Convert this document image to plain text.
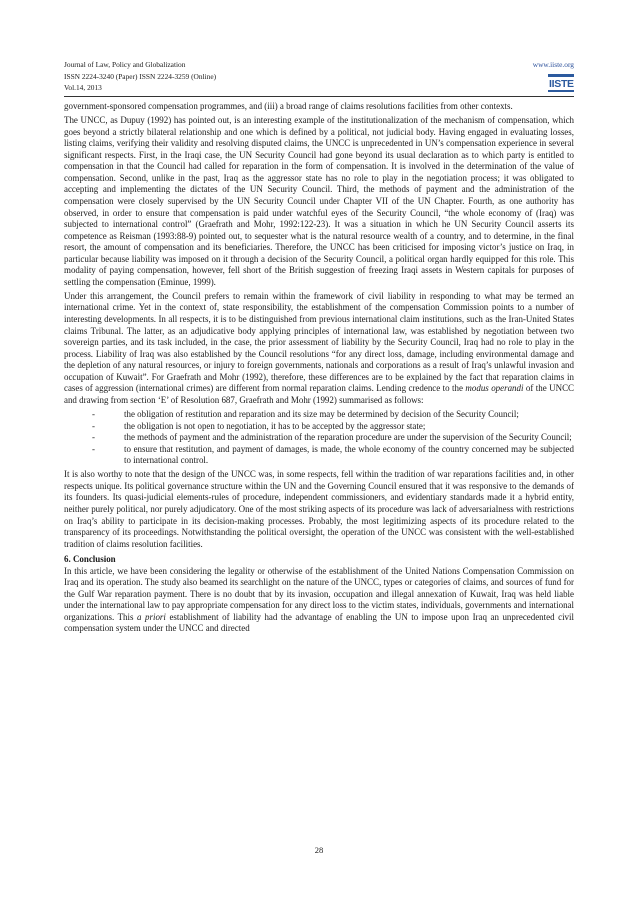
Journal of Law, Policy and Globalization
ISSN 2224-3240 (Paper) ISSN 2224-3259 (Online)
Vol.14, 2013
www.iiste.org
IISTE

government-sponsored compensation programmes, and (iii) a broad range of claims resolutions facilities from other contexts.

The UNCC, as Dupuy (1992) has pointed out, is an interesting example of the institutionalization of the mechanism of compensation, which goes beyond a strictly bilateral relationship and one which is defined by a political, not judicial body. Having engaged in evaluating losses, listing claims, verifying their validity and resolving disputed claims, the UNCC is unprecedented in UN’s compensation experience in several significant respects. First, in the Iraqi case, the UN Security Council had gone beyond its usual declaration as to which party is entitled to compensation in that the Council had called for reparation in the form of compensation. It is involved in the determination of the value of compensation. Second, unlike in the past, Iraq as the aggressor state has no role to play in the negotiation process; it was obligated to accepting and implementing the dictates of the UN Security Council. Third, the methods of payment and the administration of the compensation were closely supervised by the UN Security Council under Chapter VII of the UN Chapter. Fourth, as one authority has observed, in order to ensure that compensation is paid under watchful eyes of the Security Council, “the whole economy of (Iraq) was subjected to international control” (Graefrath and Mohr, 1992:122-23). It was a situation in which he UN Security Council asserts its competence as Reisman (1993:88-9) pointed out, to sequester what is the natural resource wealth of a country, and to determine, in the final resort, the amount of compensation and its beneficiaries. Therefore, the UNCC has been criticised for imposing victor’s justice on Iraq, in particular because liability was imposed on it through a decision of the Security Council, a political organ hardly equipped for this role. This modality of paying compensation, however, fell short of the British suggestion of freezing Iraqi assets in Western capitals for purposes of settling the compensation (Eminue, 1999).

Under this arrangement, the Council prefers to remain within the framework of civil liability in responding to what may be termed an international crime. Yet in the context of, state responsibility, the establishment of the compensation Commission points to a number of interesting developments. In all respects, it is to be distinguished from previous international claim institutions, such as the Iran-United States claims Tribunal. The latter, as an adjudicative body applying principles of international law, was established by negotiation between two sovereign parties, and its task included, in the case, the prior assessment of liability by the Security Council, Iraq had no role to play in the process. Liability of Iraq was also established by the Council resolutions “for any direct loss, damage, including environmental damage and the depletion of any natural resources, or injury to foreign governments, nationals and corporations as a result of Iraq’s unlawful invasion and occupation of Kuwait”. For Graefrath and Mohr (1992), therefore, these differences are to be explained by the fact that reparation claims in cases of aggression (international crimes) are different from normal reparation claims. Lending credence to the modus operandi of the UNCC and drawing from section ‘E’ of Resolution 687, Graefrath and Mohr (1992) summarised as follows:

-	the obligation of restitution and reparation and its size may be determined by decision of the Security Council;
-	the obligation is not open to negotiation, it has to be accepted by the aggressor state;
-	the methods of payment and the administration of the reparation procedure are under the supervision of the Security Council;
-	to ensure that restitution, and payment of damages, is made, the whole economy of the country concerned may be subjected to international control.

It is also worthy to note that the design of the UNCC was, in some respects, fell within the tradition of war reparations facilities and, in other respects unique. Its political governance structure within the UN and the Governing Council ensured that it was responsive to the demands of its founders. Its quasi-judicial elements-rules of procedure, independent commissioners, and evidentiary standards made it a hybrid entity, neither purely political, nor purely adjudicatory. One of the most striking aspects of its procedure was lack of adversarialness with restrictions on Iraq’s ability to participate in its decision-making processes. Probably, the most legitimizing aspects of its procedure related to the transparency of its proceedings. Notwithstanding the political oversight, the operation of the UNCC was consistent with the well-established tradition of claims resolution facilities.

6. Conclusion

In this article, we have been considering the legality or otherwise of the establishment of the United Nations Compensation Commission on Iraq and its operation. The study also beamed its searchlight on the nature of the UNCC, types or categories of claims, and sources of fund for the Gulf War reparation payment. There is no doubt that by its invasion, occupation and illegal annexation of Kuwait, Iraq was held liable under the international law to pay appropriate compensation for any direct loss to the victim states, individuals, governments and international organizations. This a priori establishment of liability had the advantage of enabling the UN to impose upon Iraq an unprecedented civil compensation system under the UNCC and directed

28
